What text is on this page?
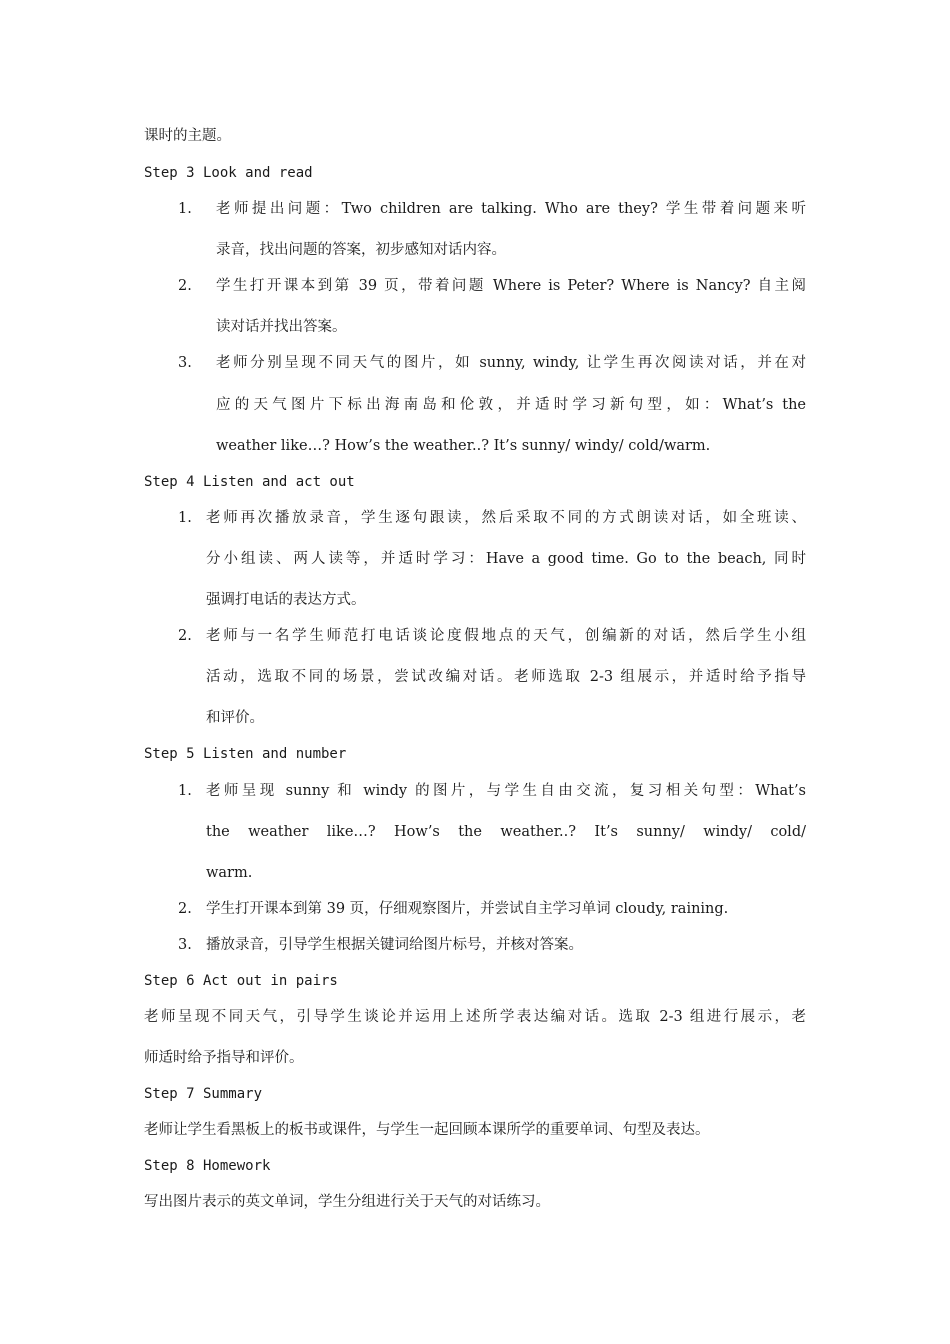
课时的主题。
Step 3 Look and read
1. 老师提出问题：Two children are talking. Who are they? 学生带着问题来听
录音，找出问题的答案，初步感知对话内容。
2. 学生打开课本到第 39 页，带着问题 Where is Peter? Where is Nancy? 自主阅
读对话并找出答案。
3. 老师分别呈现不同天气的图片，如 sunny, windy, 让学生再次阅读对话，并在对
应的天气图片下标出海南岛和伦敦，并适时学习新句型，如：What’s the
weather like…? How’s the weather..? It’s sunny/ windy/ cold/warm.
Step 4 Listen and act out
1. 老师再次播放录音，学生逐句跟读，然后采取不同的方式朗读对话，如全班读、
分小组读、两人读等，并适时学习：Have a good time. Go to the beach, 同时
强调打电话的表达方式。
2. 老师与一名学生师范打电话谈论度假地点的天气，创编新的对话，然后学生小组
活动，选取不同的场景，尝试改编对话。老师选取 2-3 组展示，并适时给予指导
和评价。
Step 5 Listen and number
1. 老师呈现 sunny 和 windy 的图片，与学生自由交流，复习相关句型：What’s
the weather like…? How’s the weather..? It’s sunny/ windy/ cold/
warm.
2. 学生打开课本到第 39 页，仔细观察图片，并尝试自主学习单词 cloudy, raining.
3. 播放录音，引导学生根据关键词给图片标号，并核对答案。
Step 6 Act out in pairs
老师呈现不同天气，引导学生谈论并运用上述所学表达编对话。选取 2-3 组进行展示，老
师适时给予指导和评价。
Step 7 Summary
老师让学生看黑板上的板书或课件，与学生一起回顾本课所学的重要单词、句型及表达。
Step 8 Homework
写出图片表示的英文单词，学生分组进行关于天气的对话练习。
